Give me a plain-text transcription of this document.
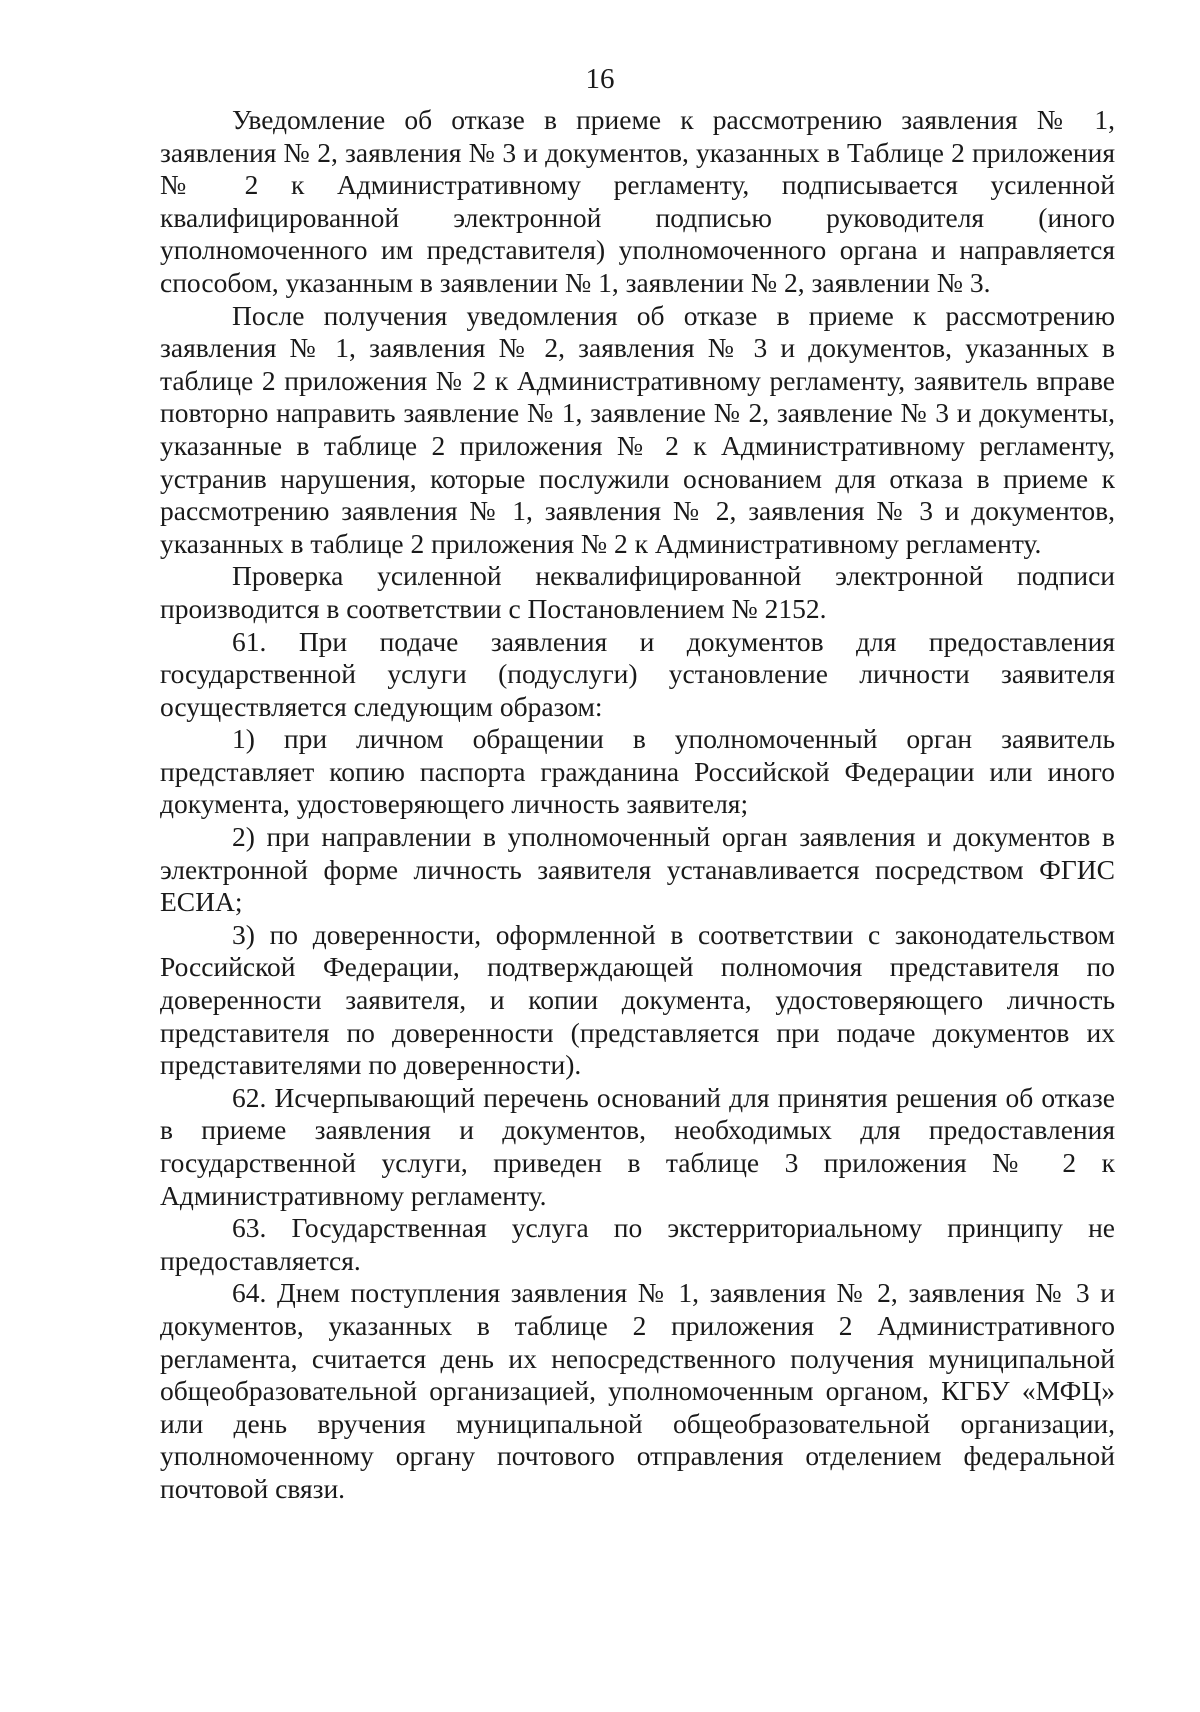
16

Уведомление об отказе в приеме к рассмотрению заявления № 1, заявления № 2, заявления № 3 и документов, указанных в Таблице 2 приложения № 2 к Административному регламенту, подписывается усиленной квалифицированной электронной подписью руководителя (иного уполномоченного им представителя) уполномоченного органа и направляется способом, указанным в заявлении № 1, заявлении № 2, заявлении № 3.

После получения уведомления об отказе в приеме к рассмотрению заявления № 1, заявления № 2, заявления № 3 и документов, указанных в таблице 2 приложения № 2 к Административному регламенту, заявитель вправе повторно направить заявление № 1, заявление № 2, заявление № 3 и документы, указанные в таблице 2 приложения № 2 к Административному регламенту, устранив нарушения, которые послужили основанием для отказа в приеме к рассмотрению заявления № 1, заявления № 2, заявления № 3 и документов, указанных в таблице 2 приложения № 2 к Административному регламенту.

Проверка усиленной неквалифицированной электронной подписи производится в соответствии с Постановлением № 2152.

61. При подаче заявления и документов для предоставления государственной услуги (подуслуги) установление личности заявителя осуществляется следующим образом:

1) при личном обращении в уполномоченный орган заявитель представляет копию паспорта гражданина Российской Федерации или иного документа, удостоверяющего личность заявителя;

2) при направлении в уполномоченный орган заявления и документов в электронной форме личность заявителя устанавливается посредством ФГИС ЕСИА;

3) по доверенности, оформленной в соответствии с законодательством Российской Федерации, подтверждающей полномочия представителя по доверенности заявителя, и копии документа, удостоверяющего личность представителя по доверенности (представляется при подаче документов их представителями по доверенности).

62. Исчерпывающий перечень оснований для принятия решения об отказе в приеме заявления и документов, необходимых для предоставления государственной услуги, приведен в таблице 3 приложения № 2 к Административному регламенту.

63. Государственная услуга по экстерриториальному принципу не предоставляется.

64. Днем поступления заявления № 1, заявления № 2, заявления № 3 и документов, указанных в таблице 2 приложения 2 Административного регламента, считается день их непосредственного получения муниципальной общеобразовательной организацией, уполномоченным органом, КГБУ «МФЦ» или день вручения муниципальной общеобразовательной организации, уполномоченному органу почтового отправления отделением федеральной почтовой связи.
